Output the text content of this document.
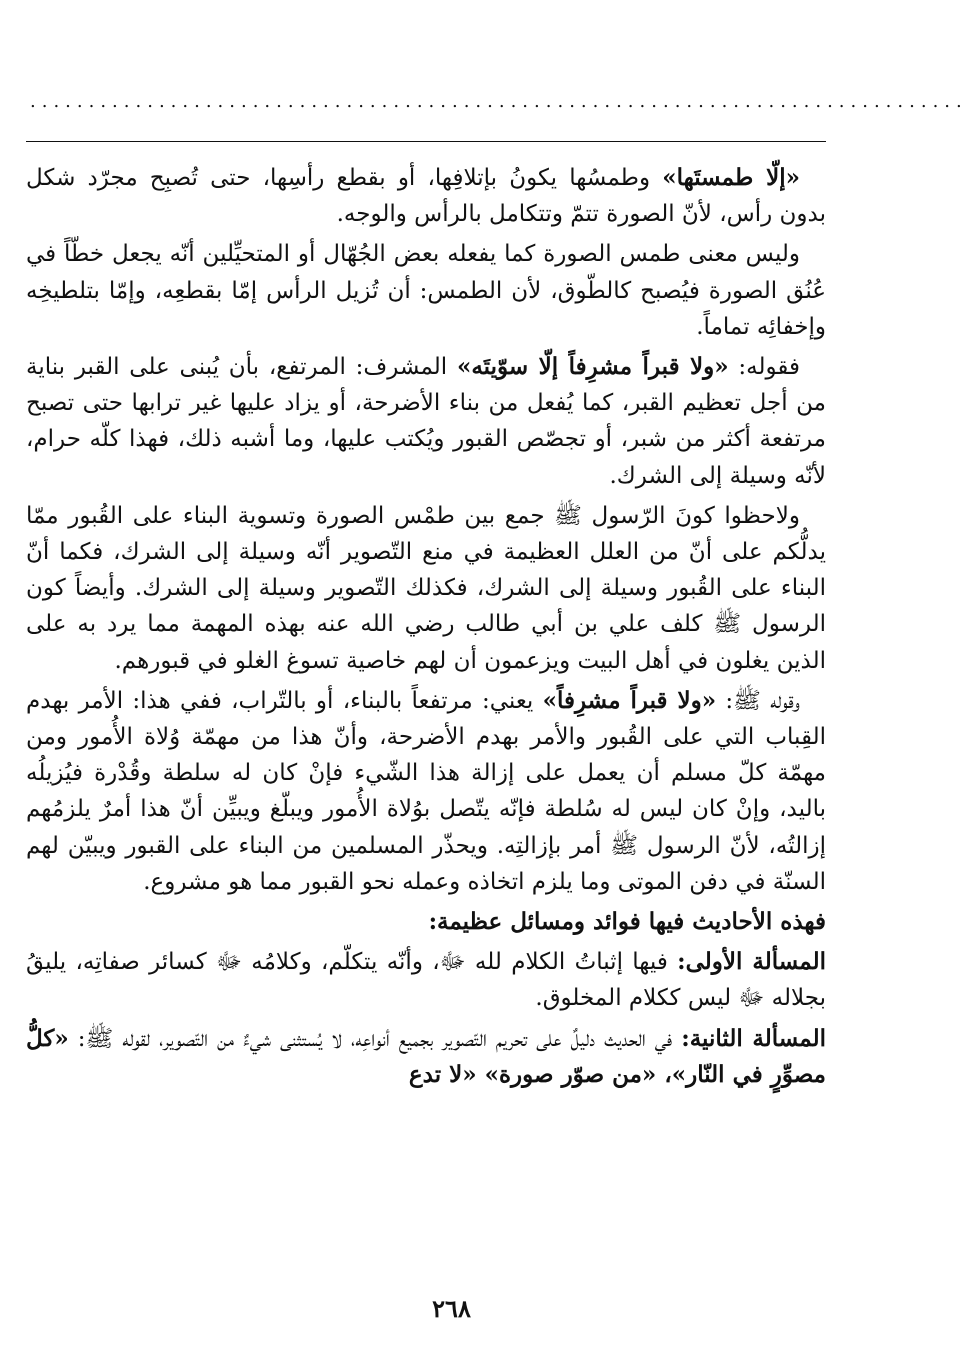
................................................................................

«إلّا طمستَها» وطمسُها يكونُ بإتلافِها، أو بقطع رأسِها، حتى تُصبِح مجرّد شكل بدون رأس، لأنّ الصورة تتمّ وتتكامل بالرأس والوجه.

وليس معنى طمس الصورة كما يفعله بعض الجُهّال أو المتحيِّلين أنّه يجعل خطّاً في عُنُق الصورة فيُصبح كالطّوق، لأن الطمس: أن تُزيل الرأس إمّا بقطعِه، وإمّا بتلطيخِه وإخفائِه تماماً.

فقوله: «ولا قبراً مشرِفاً إلّا سوّيتَه» المشرف: المرتفع، بأن يُبنى على القبر بناية من أجل تعظيم القبر، كما يُفعل من بناء الأضرحة، أو يزاد عليها غير ترابها حتى تصبح مرتفعة أكثر من شبر، أو تجصّص القبور ويُكتب عليها، وما أشبه ذلك، فهذا كلّه حرام، لأنّه وسيلة إلى الشرك.

ولاحظوا كونَ الرّسول ﷺ جمع بين طمْس الصورة وتسوية البناء على القُبور ممّا يدلُّكم على أنّ من العلل العظيمة في منع التّصوير أنّه وسيلة إلى الشرك، فكما أنّ البناء على القُبور وسيلة إلى الشرك، فكذلك التّصوير وسيلة إلى الشرك. وأيضاً كون الرسول ﷺ كلف علي بن أبي طالب رضي الله عنه بهذه المهمة مما يرد به على الذين يغلون في أهل البيت ويزعمون أن لهم خاصية تسوغ الغلو في قبورهم.

وقوله ﷺ: «ولا قبراً مشرِفاً» يعني: مرتفعاً بالبناء، أو بالتّراب، ففي هذا: الأمر بهدم القِباب التي على القُبور والأمر بهدم الأضرحة، وأنّ هذا من مهمّة وُلاة الأُمور ومن مهمّة كلّ مسلم أن يعمل على إزالة هذا الشّيء فإنْ كان له سلطة وقُدْرة فيُزيلُه باليد، وإنْ كان ليس له سُلطة فإنّه يتّصل بوُلاة الأُمور ويبلّغ ويبيِّن أنّ هذا أمرٌ يلزمُهم إزالتُه، لأنّ الرسول ﷺ أمر بإزالتِه. ويحذّر المسلمين من البناء على القبور ويبيّن لهم السنّة في دفن الموتى وما يلزم اتخاذه وعمله نحو القبور مما هو مشروع.

فهذه الأحاديث فيها فوائد ومسائل عظيمة:

المسألة الأولى: فيها إثباتُ الكلام لله ﷻ، وأنّه يتكلّم، وكلامُه ﷻ كسائر صفاتِه، يليقُ بجلاله ﷻ ليس ككلام المخلوق.

المسألة الثانية: في الحديث دليلٌ على تحريم التّصوير بجميع أنواعِه، لا يُستثنى شيءٌ من التّصوير، لقوله ﷺ: «كلُّ مصوِّرٍ في النّار»، «من صوّر صورة» «لا تدع

٢٦٨
